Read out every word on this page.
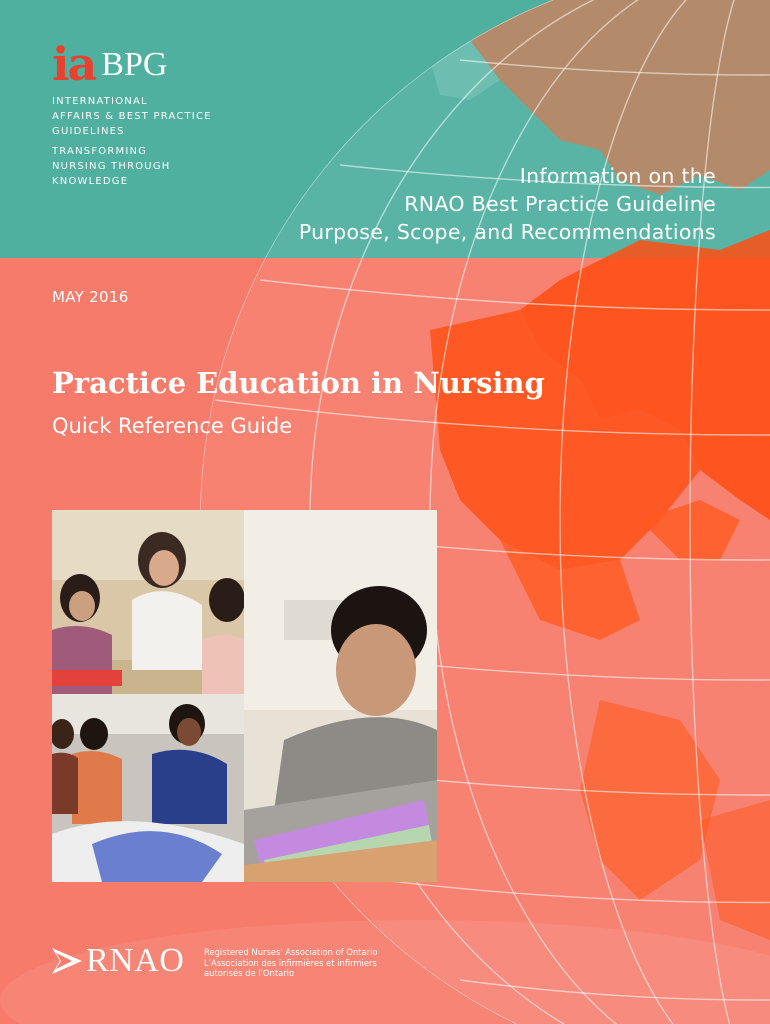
ia BPG
INTERNATIONAL
AFFAIRS & BEST PRACTICE
GUIDELINES
TRANSFORMING
NURSING THROUGH
KNOWLEDGE	Information on the
RNAO Best Practice Guideline
Purpose, Scope, and Recommendations
MAY 2016
Practice Education in Nursing
Quick Reference Guide
RNAO Registered Nurses' Association of Ontario
L'Association des infirmières et infirmiers
autorisés de l'Ontario
